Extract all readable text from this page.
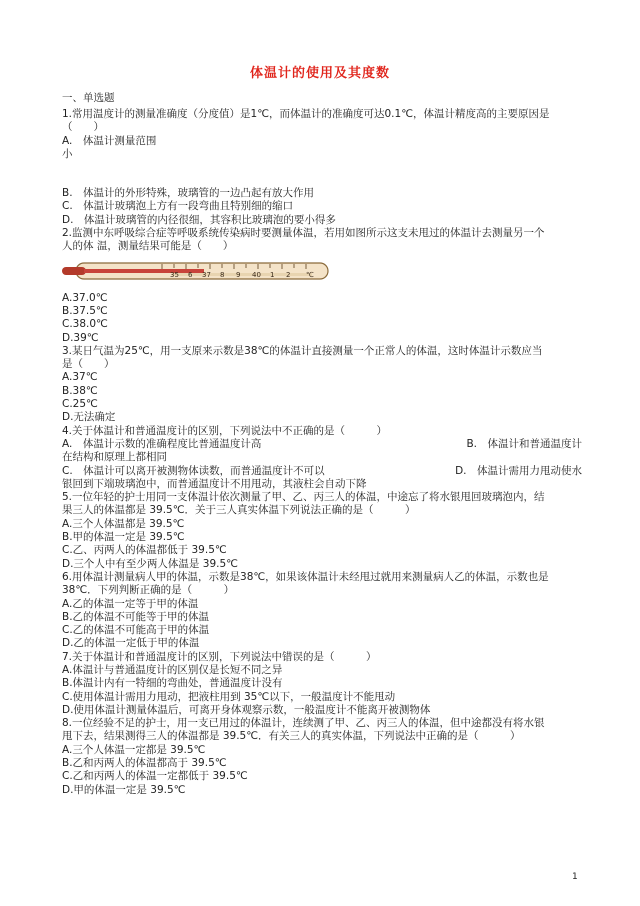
体温计的使用及其度数
一、单选题

1.常用温度计的测量准确度（分度值）是1℃，而体温计的准确度可达0.1℃，体温计精度高的主要原因是（　　）

A.　体温计测量范围

小

B.　体温计的外形特殊，玻璃管的一边凸起有放大作用

C.　体温计玻璃泡上方有一段弯曲且特别细的缩口

D.　体温计玻璃管的内径很细，其容积比玻璃泡的要小得多

2.监测中东呼吸综合症等呼吸系统传染病时要测量体温，若用如图所示这支未甩过的体温计去测量另一个

人的体 温，测量结果可能是（　　）

35 6 37 8 9 40 1 2 ℃

A.37.0℃

B.37.5℃

C.38.0℃

D.39℃

3.某日气温为25℃，用一支原来示数是38℃的体温计直接测量一个正常人的体温，这时体温计示数应当

是（　　）

A.37℃

B.38℃

C.25℃

D.无法确定

4.关于体温计和普通温度计的区别，下列说法中不正确的是（　　　）

A.　体温计示数的准确程度比普通温度计高	B.　体温计和普通温度计

在结构和原理上都相同

C.　体温计可以离开被测物体读数，而普通温度计不可以	D.　体温计需用力甩动使水

银回到下端玻璃泡中，而普通温度计不用甩动，其液柱会自动下降

5.一位年轻的护士用同一支体温计依次测量了甲、乙、丙三人的体温，中途忘了将水银甩回玻璃泡内，结

果三人的体温都是 39.5℃．关于三人真实体温下列说法正确的是（　　　）

A.三个人体温都是 39.5℃

B.甲的体温一定是 39.5℃

C.乙、丙两人的体温都低于 39.5℃

D.三个人中有至少两人体温是 39.5℃

6.用体温计测量病人甲的体温，示数是38℃，如果该体温计未经甩过就用来测量病人乙的体温，示数也是

38℃．下列判断正确的是（　　　）

A.乙的体温一定等于甲的体温

B.乙的体温不可能等于甲的体温

C.乙的体温不可能高于甲的体温

D.乙的体温一定低于甲的体温

7.关于体温计和普通温度计的区别，下列说法中错误的是（　　　）

A.体温计与普通温度计的区别仅是长短不同之异

B.体温计内有一特细的弯曲处，普通温度计没有

C.使用体温计需用力甩动，把液柱用到 35℃以下，一般温度计不能甩动

D.使用体温计测量体温后，可离开身体观察示数，一般温度计不能离开被测物体

8.一位经验不足的护士，用一支已用过的体温计，连续测了甲、乙、丙三人的体温，但中途都没有将水银

甩下去，结果测得三人的体温都是 39.5℃．有关三人的真实体温，下列说法中正确的是（　　　）

A.三个人体温一定都是 39.5℃

B.乙和丙两人的体温都高于 39.5℃

C.乙和丙两人的体温一定都低于 39.5℃

D.甲的体温一定是 39.5℃

1
